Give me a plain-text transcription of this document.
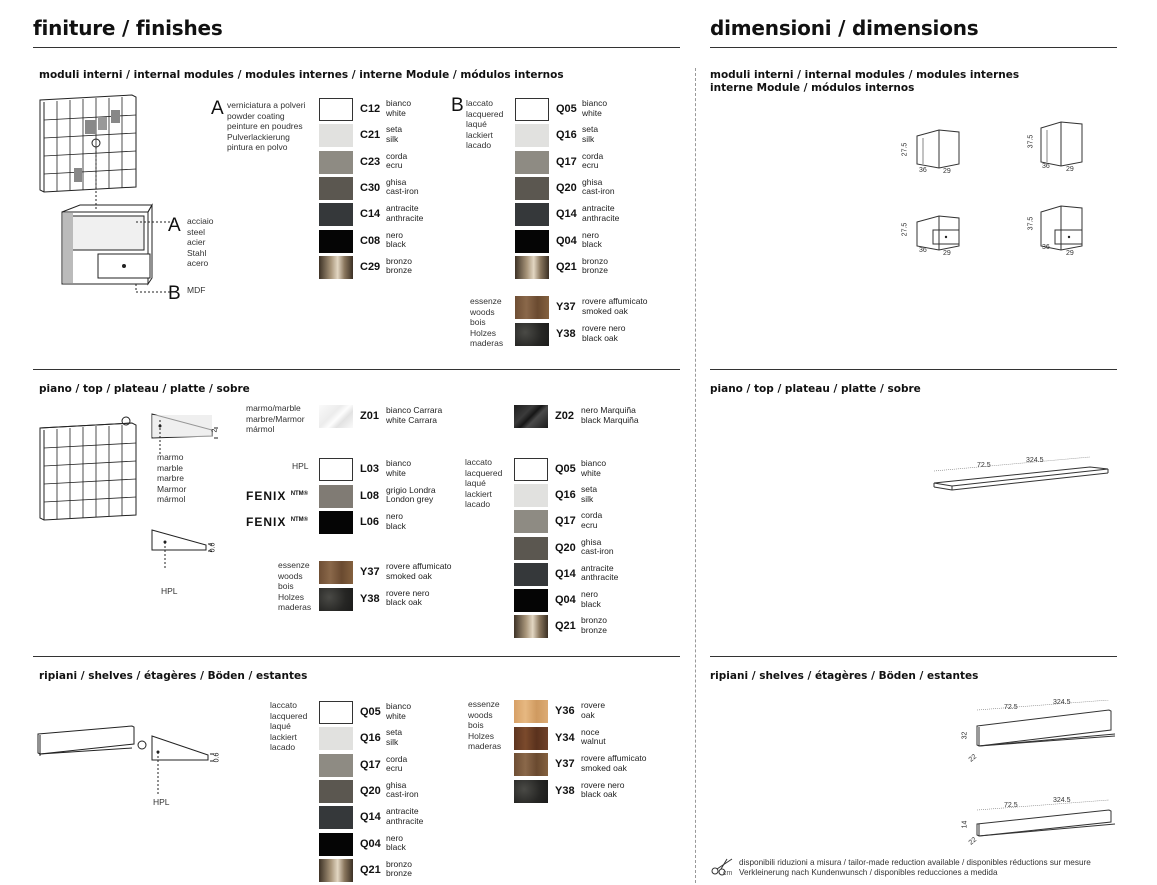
finiture / finishes	dimensioni / dimensions
moduli interni / internal modules / modules internes / interne Module / módulos internos	moduli interni / internal modules / modules internes
interne Module / módulos internos
piano / top / plateau / platte / sobre	piano / top / plateau / platte / sobre
ripiani / shelves / étagères / Böden / estantes	ripiani / shelves / étagères / Böden / estantes
A acciaio
steel
acier
Stahl
acero
B MDF
A verniciatura a polveri
powder coating
peinture en poudres
Pulverlackierung
pintura en polvo
C12 bianco
white
C21 seta
silk
C23 corda
ecru
C30 ghisa
cast-iron
C14 antracite
anthracite
C08 nero
black
C29 bronzo
bronze
B laccato
lacquered
laqué
lackiert
lacado
Q05 bianco
white
Q16 seta
silk
Q17 corda
ecru
Q20 ghisa
cast-iron
Q14 antracite
anthracite
Q04 nero
black
Q21 bronzo
bronze
essenze
woods
bois
Holzes
maderas
Y37 rovere affumicato
smoked oak
Y38 rovere nero
black oak
2
0.6
marmo
marble
marbre
Marmor
mármol
HPL
marmo/marble
marbre/Marmor
mármol
Z01 bianco Carrara
white Carrara	Z02 nero Marquiña
black Marquiña
HPL
FENIX $^{NTM®}$
FENIX $^{NTM®}$
L03 bianco
white
L08 grigio Londra
London grey
L06 nero
black
essenze
woods
bois
Holzes
maderas
Y37 rovere affumicato
smoked oak
Y38 rovere nero
black oak
laccato
lacquered
laqué
lackiert
lacado
Q05 bianco
white
Q16 seta
silk
Q17 corda
ecru
Q20 ghisa
cast-iron
Q14 antracite
anthracite
Q04 nero
black
Q21 bronzo
bronze
0.6
HPL
laccato
lacquered
laqué
lackiert
lacado
Q05 bianco
white
Q16 seta
silk
Q17 corda
ecru
Q20 ghisa
cast-iron
Q14 antracite
anthracite
Q04 nero
black
Q21 bronzo
bronze
essenze
woods
bois
Holzes
maderas
Y36 rovere
oak
Y34 noce
walnut
Y37 rovere affumicato
smoked oak
Y38 rovere nero
black oak
27.5
36 29
37.5
36 29
27.5
36 29
37.5
36
29
72.5
324.5
72.5
324.5
32
22
72.5
324.5
14
22
cm
disponibili riduzioni a misura / tailor-made reduction available / disponibles réductions sur mesure
Verkleinerung nach Kundenwunsch / disponibles reducciones a medida
